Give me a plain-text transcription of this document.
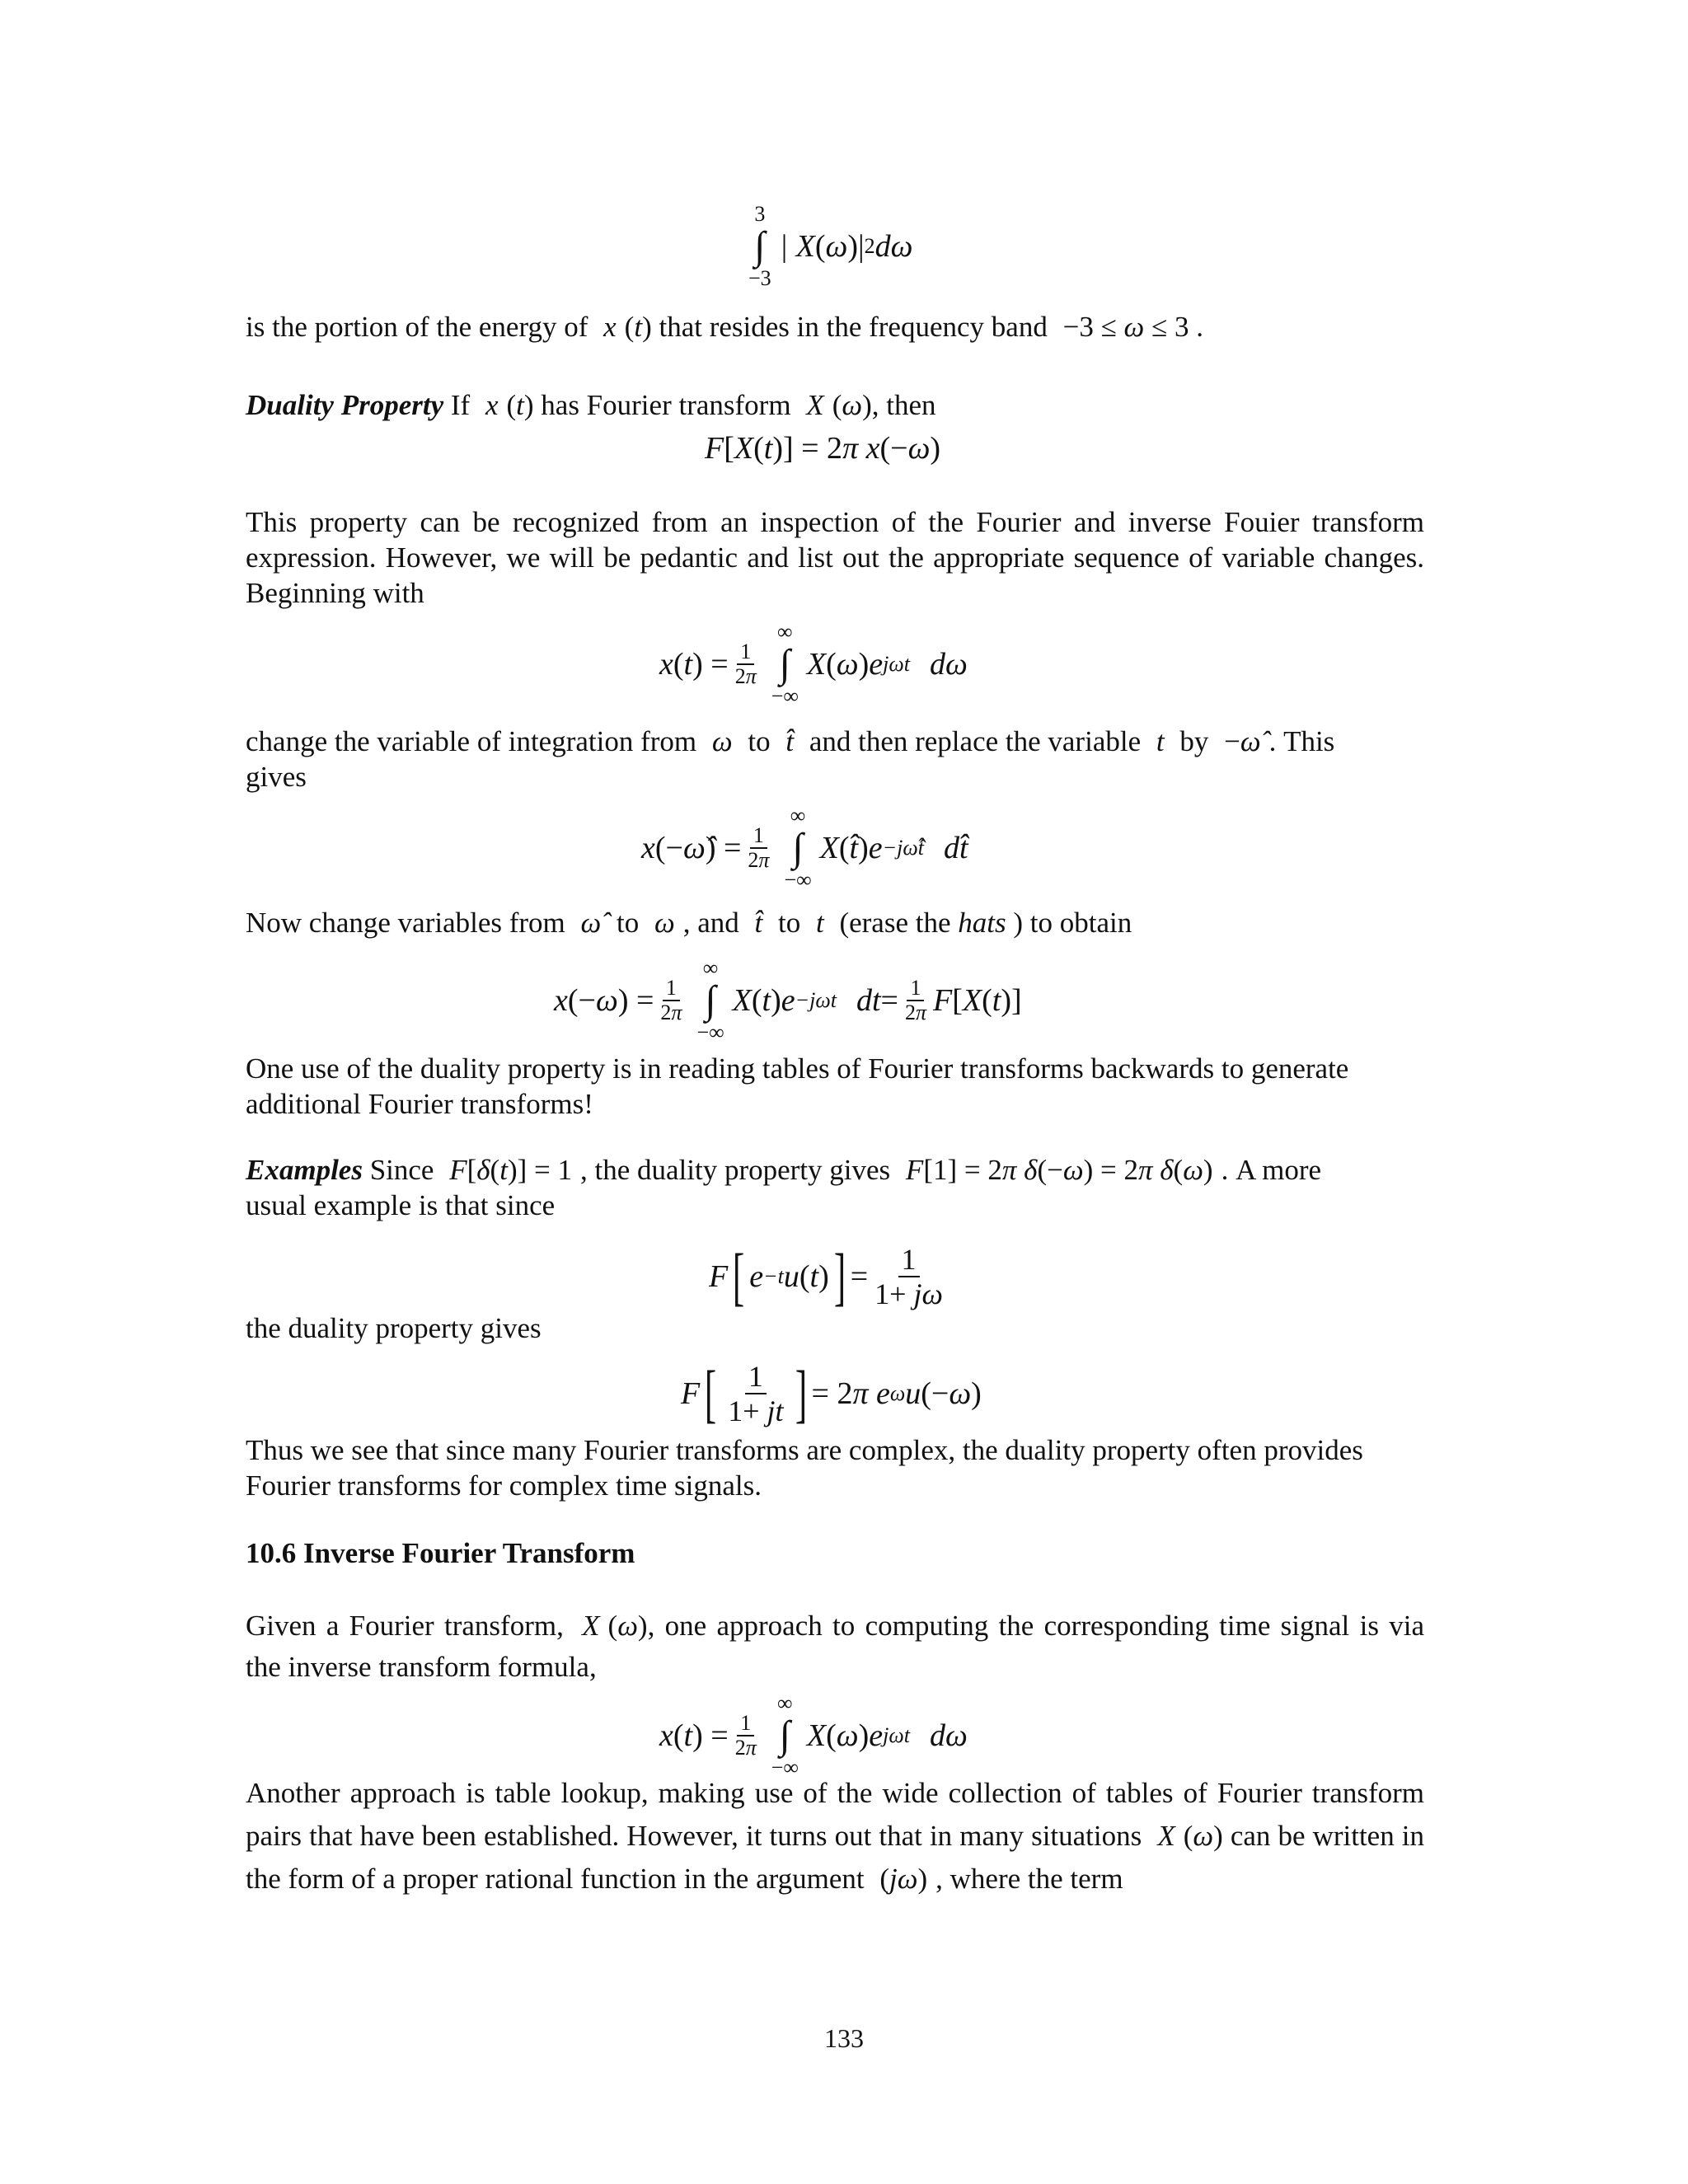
3
∫
−3
| X ( ω )| 2 dω
is the portion of the energy of x (t) that resides in the frequency band −3 ≤ ω ≤ 3 .
Duality Property If x (t) has Fourier transform X (ω), then
F [ X ( t )] = 2 π x (− ω )
This property can be recognized from an inspection of the Fourier and inverse Fouier transform expression. However, we will be pedantic and list out the appropriate sequence of variable changes. Beginning with
x ( t ) = $\frac{1}{2\pi}$
∞
∫
−∞
X ( ω ) e jωt dω
change the variable of integration from ω to t̂ and then replace the variable t by −ω̂ . This
gives
x (− ω̂ ) = $\frac{1}{2\pi}$
∞
∫
−∞
X ( t̂ ) e −jω̂t̂ dt̂
Now change variables from ω̂ to ω , and t̂ to t (erase the hats ) to obtain
x (− ω ) = $\frac{1}{2\pi}$
∞
∫
−∞
X ( t ) e −jωt dt = $\frac{1}{2\pi}$ F [ X ( t )]
One use of the duality property is in reading tables of Fourier transforms backwards to generate additional Fourier transforms!
Examples Since F[δ(t)] = 1 , the duality property gives F[1] = 2π δ(−ω) = 2π δ(ω) . A more
usual example is that since
F [ e −t u ( t ) ] = $\frac{1}{1+ j\omega}$
the duality property gives
F [ $\frac{1}{1+ jt}$ ] = 2 π e ω u (− ω )
Thus we see that since many Fourier transforms are complex, the duality property often provides Fourier transforms for complex time signals.
10.6 Inverse Fourier Transform
Given a Fourier transform, X (ω), one approach to computing the corresponding time signal is via the inverse transform formula,
x ( t ) = $\frac{1}{2\pi}$
∞
∫
−∞
X ( ω ) e jωt dω
Another approach is table lookup, making use of the wide collection of tables of Fourier transform pairs that have been established. However, it turns out that in many situations X (ω) can be written in the form of a proper rational function in the argument (jω) , where the term
133
